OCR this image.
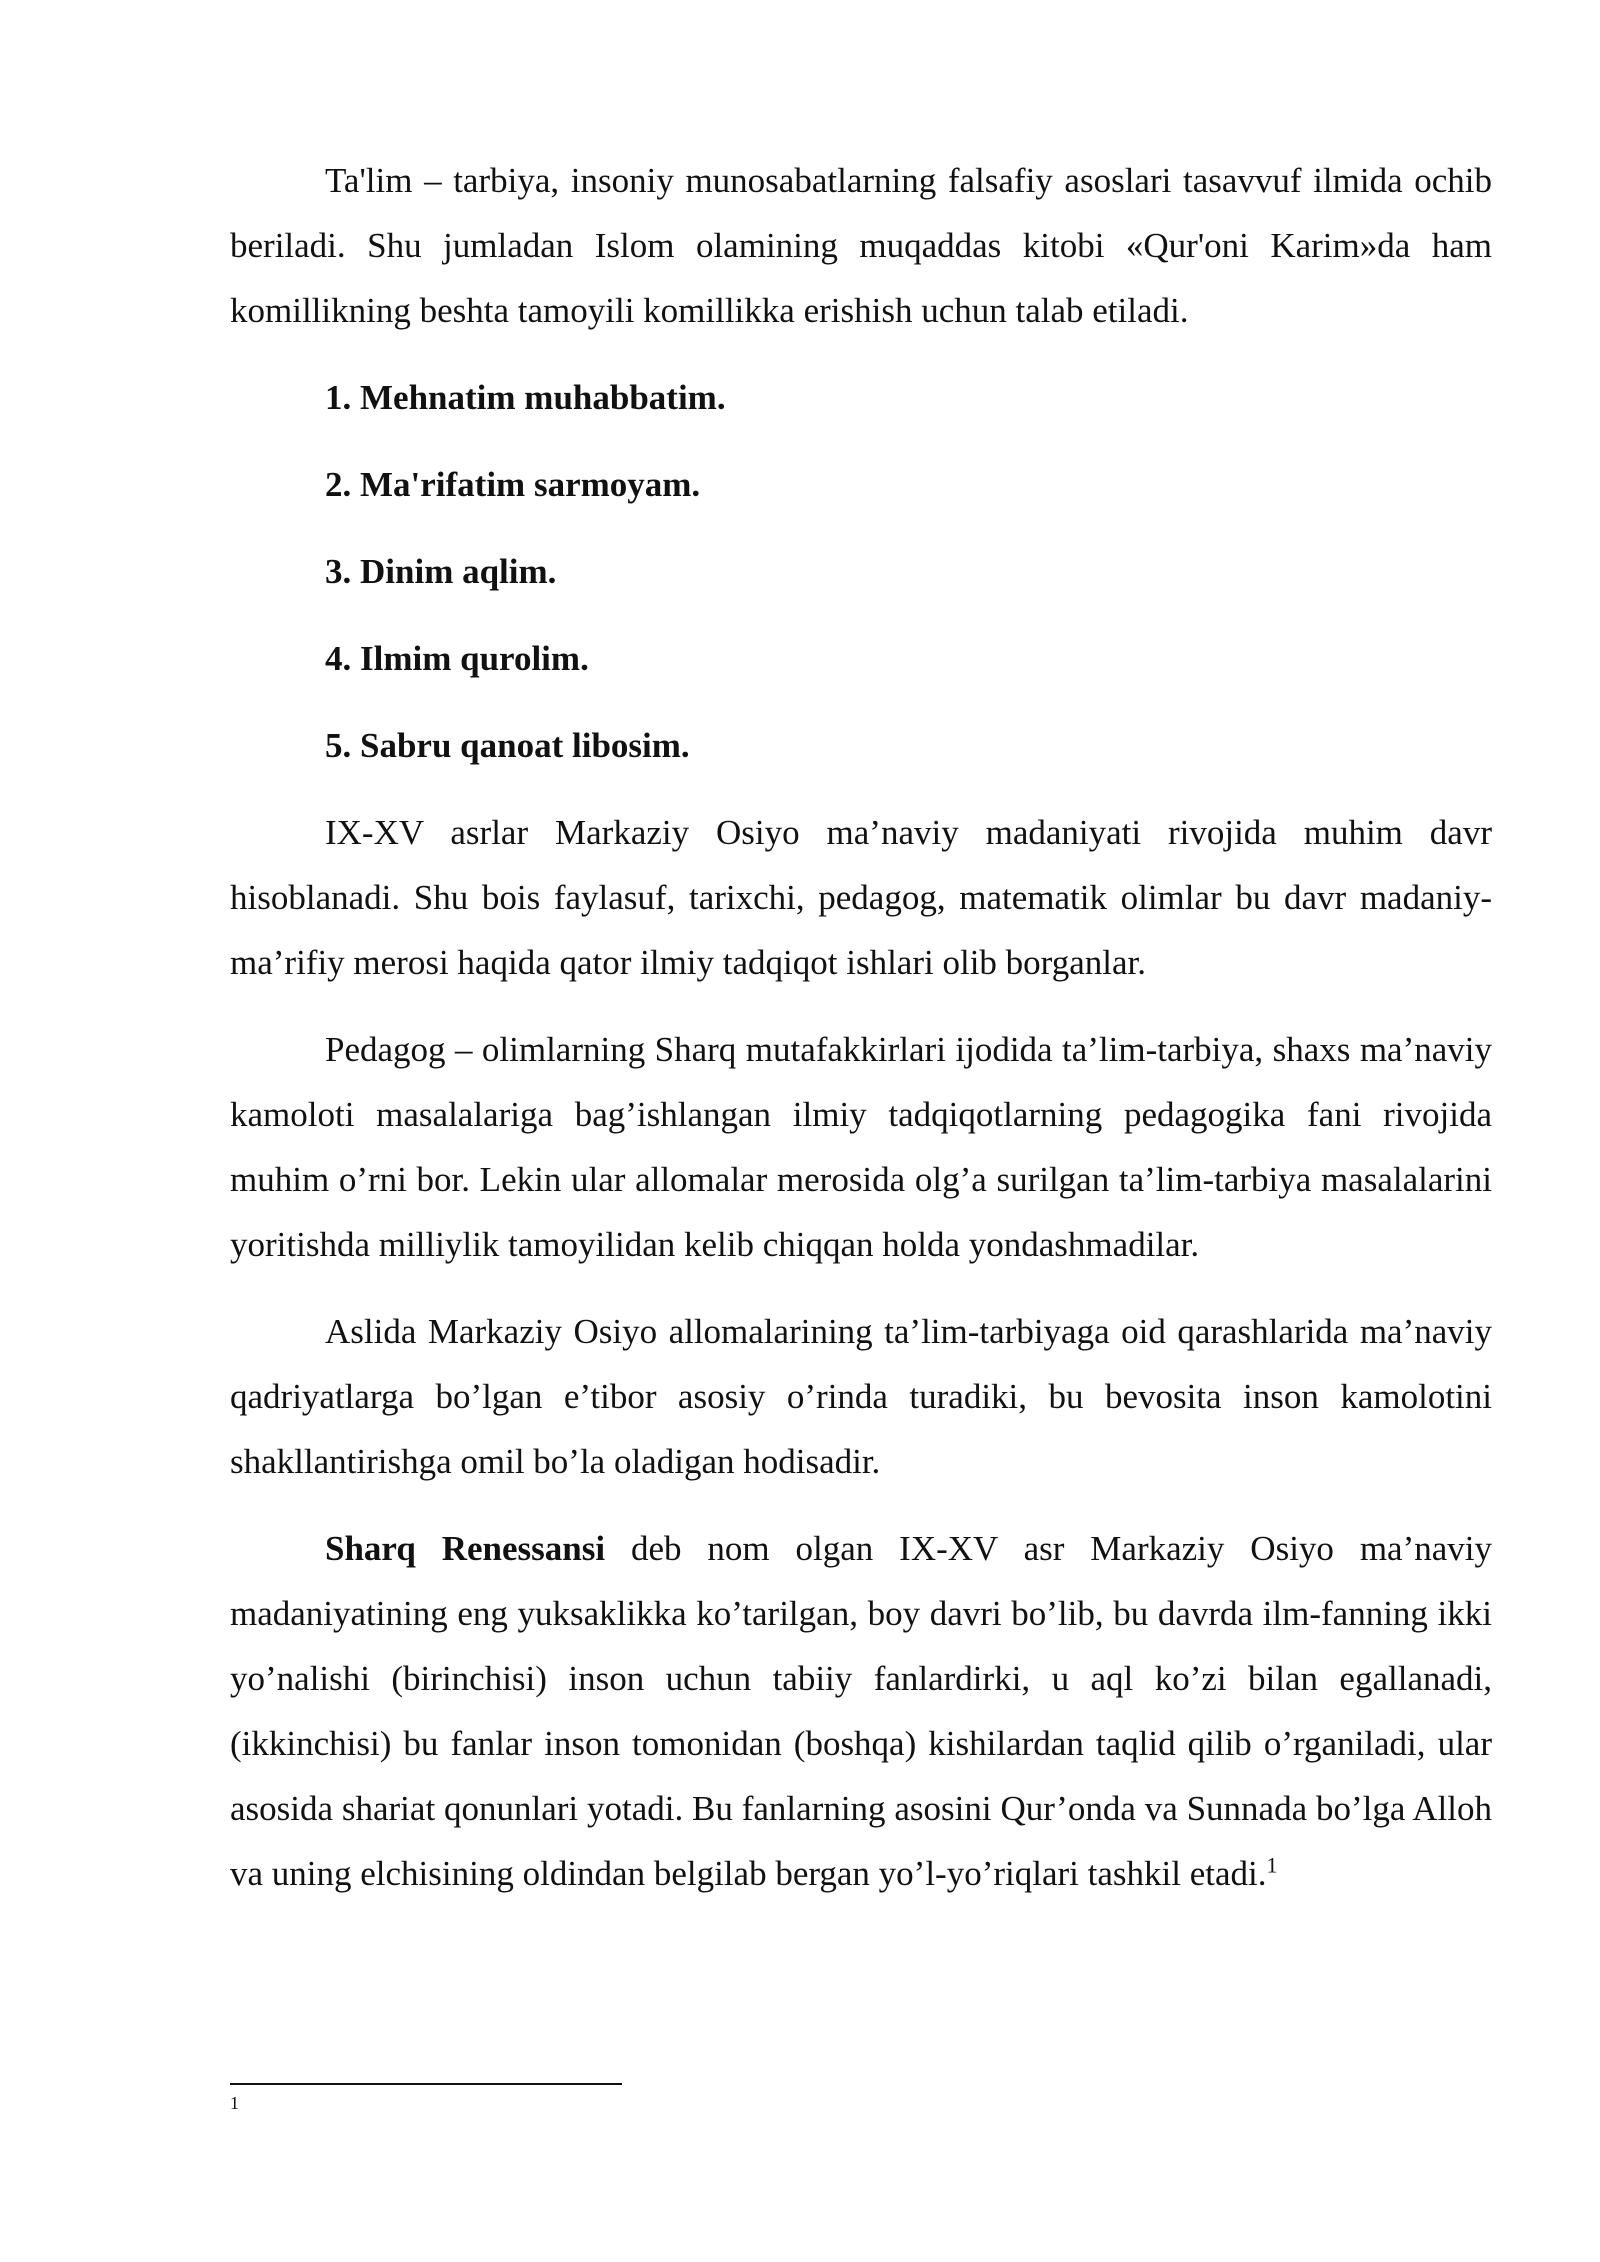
Ta'lim – tarbiya, insoniy munosabatlarning falsafiy asoslari tasavvuf ilmida ochib beriladi. Shu jumladan Islom olamining muqaddas kitobi «Qur'oni Karim»da ham komillikning beshta tamoyili komillikka erishish uchun talab etiladi.

1. Mehnatim muhabbatim.

2. Ma'rifatim sarmoyam.

3. Dinim aqlim.

4. Ilmim qurolim.

5. Sabru qanoat libosim.

IX-XV asrlar Markaziy Osiyo ma’naviy madaniyati rivojida muhim davr hisoblanadi. Shu bois faylasuf, tarixchi, pedagog, matematik olimlar bu davr madaniy-ma’rifiy merosi haqida qator ilmiy tadqiqot ishlari olib borganlar.

Pedagog – olimlarning Sharq mutafakkirlari ijodida ta’lim-tarbiya, shaxs ma’naviy kamoloti masalalariga bag’ishlangan ilmiy tadqiqotlarning pedagogika fani rivojida muhim o’rni bor. Lekin ular allomalar merosida olg’a surilgan ta’lim-tarbiya masalalarini yoritishda milliylik tamoyilidan kelib chiqqan holda yondashmadilar.

Aslida Markaziy Osiyo allomalarining ta’lim-tarbiyaga oid qarashlarida ma’naviy qadriyatlarga bo’lgan e’tibor asosiy o’rinda turadiki, bu bevosita inson kamolotini shakllantirishga omil bo’la oladigan hodisadir.

Sharq Renessansi deb nom olgan IX-XV asr Markaziy Osiyo ma’naviy madaniyatining eng yuksaklikka ko’tarilgan, boy davri bo’lib, bu davrda ilm-fanning ikki yo’nalishi (birinchisi) inson uchun tabiiy fanlardirki, u aql ko’zi bilan egallanadi, (ikkinchisi) bu fanlar inson tomonidan (boshqa) kishilardan taqlid qilib o’rganiladi, ular asosida shariat qonunlari yotadi. Bu fanlarning asosini Qur’onda va Sunnada bo’lga Alloh va uning elchisining oldindan belgilab bergan yo’l-yo’riqlari tashkil etadi.$^1$

1
